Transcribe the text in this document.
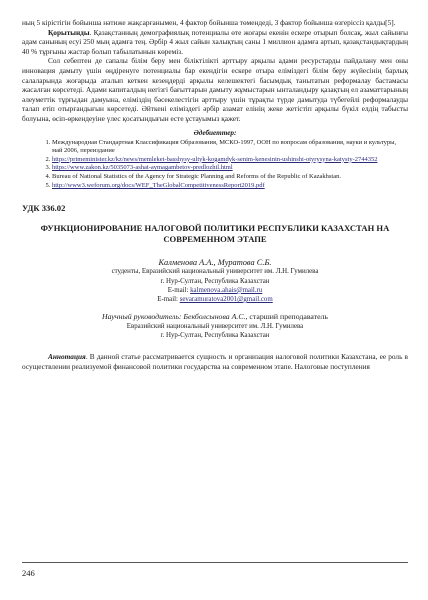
ның 5 кірістігін бойынша нәтиже жақсарғанымен, 4 фактор бойынша төмендеді, 3 фактор бойынша өзгеріссіз қалды[5].

Қорытынды. Қазақстанның демографиялық потенциалы өте жоғары екенін ескере отырып болсақ, жыл сайынғы адам санының есуі 250 мың адамға тең. Әрбір 4 жыл сайын халықтың саны 1 миллион адамға артып, қазақстандықтардың 40 % тұрғыны жастар болып табылатынын көреміз.

Сол себептен де сапалы білім беру мен біліктілікті арттыру арқылы адами ресурстарды пайдалану мен оны инновация дамыту үшін өңдіренуге потенциалы бар екендігін ескере отыра еліміздегі білім беру жүйесінің барлық салаларында жоғарыда аталып кеткен кезеңдерді арқылы келешектегі басымдық танытатын реформалау бастамасы жасалған көрсетеді. Адами капиталдың негізгі бағыттарын дамыту жұмыстарын ынталандыру қазақтың ел азаматтарының әлеуметтік тұрғыдан дамуына, еліміздің бәсекелестігін арттыру үшін тұрақты түрде дамытуда түбегейлі реформалауды талап етіп отырғандығын көрсетеді. Әйткені еліміздегі әрбір азамат елінің жеке жетістіп арқылы бүкіл елдің табысты болуына, өсіп-өркендеуіне үлес қосатындығын есте ұстауымыз қажет.

Әдебиеттер:
1. Международная Стандартная Классификация Образования, МСКО-1997, ООН по вопросам образования, науки и культуры, май 2006, переиздание
2. https://primeminister.kz/kz/news/memleket-basshysy-ultyk-kogamdyk-senim-kenesinin-ushinshi-otyrysyna-katysty-2744352
3. https://www.zakon.kz/5035073-ashat-aymagambetov-predlozhil.html
4. Bureau of National Statistics of the Agency for Strategic Planning and Reforms of the Republic of Kazakhstan.
5. http://www3.weforum.org/docs/WEF_TheGlobalCompetitivenessReport2019.pdf
УДК 336.02
ФУНКЦИОНИРОВАНИЕ НАЛОГОВОЙ ПОЛИТИКИ РЕСПУБЛИКИ КАЗАХСТАН НА СОВРЕМЕННОМ ЭТАПЕ
Калменова А.А., Муратова С.Б.
студенты, Евразийский национальный университет им. Л.Н. Гумилева
г. Нур-Султан, Республика Казахстан
E-mail: kalmenova.ahais@mail.ru
E-mail: sevaramuratova2001@gmail.com
Научный руководитель: Бекболсынова А.С., старший преподаватель
Евразийский национальный университет им. Л.Н. Гумилева
г. Нур-Султан, Республика Казахстан

Аннотация. В данной статье рассматривается сущность и организация налоговой политики Казахстана, ее роль в осуществлении реализуемой финансовой политики государства на современном этапе. Налоговые поступления

246
